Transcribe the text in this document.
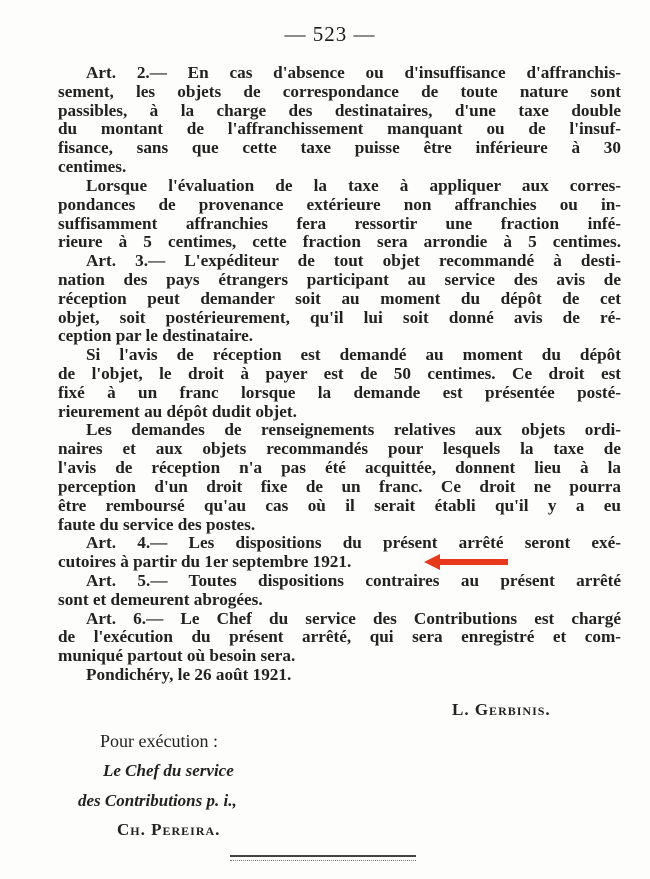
— 523 —
Art. 2.— En cas d'absence ou d'insuffisance d'affranchis-
sement, les objets de correspondance de toute nature sont
passibles, à la charge des destinataires, d'une taxe double
du montant de l'affranchissement manquant ou de l'insuf-
fisance, sans que cette taxe puisse être inférieure à 30
centimes.
Lorsque l'évaluation de la taxe à appliquer aux corres-
pondances de provenance extérieure non affranchies ou in-
suffisamment affranchies fera ressortir une fraction infé-
rieure à 5 centimes, cette fraction sera arrondie à 5 centimes.
Art. 3.— L'expéditeur de tout objet recommandé à desti-
nation des pays étrangers participant au service des avis de
réception peut demander soit au moment du dépôt de cet
objet, soit postérieurement, qu'il lui soit donné avis de ré-
ception par le destinataire.
Si l'avis de réception est demandé au moment du dépôt
de l'objet, le droit à payer est de 50 centimes. Ce droit est
fixé à un franc lorsque la demande est présentée posté-
rieurement au dépôt dudit objet.
Les demandes de renseignements relatives aux objets ordi-
naires et aux objets recommandés pour lesquels la taxe de
l'avis de réception n'a pas été acquittée, donnent lieu à la
perception d'un droit fixe de un franc. Ce droit ne pourra
être remboursé qu'au cas où il serait établi qu'il y a eu
faute du service des postes.
Art. 4.— Les dispositions du présent arrêté seront exé-
cutoires à partir du 1er septembre 1921.
Art. 5.— Toutes dispositions contraires au présent arrêté
sont et demeurent abrogées.
Art. 6.— Le Chef du service des Contributions est chargé
de l'exécution du présent arrêté, qui sera enregistré et com-
muniqué partout où besoin sera.
Pondichéry, le 26 août 1921.
L. Gerbinis.
Pour exécution :
Le Chef du service
des Contributions p. i.,
Ch. Pereira.
